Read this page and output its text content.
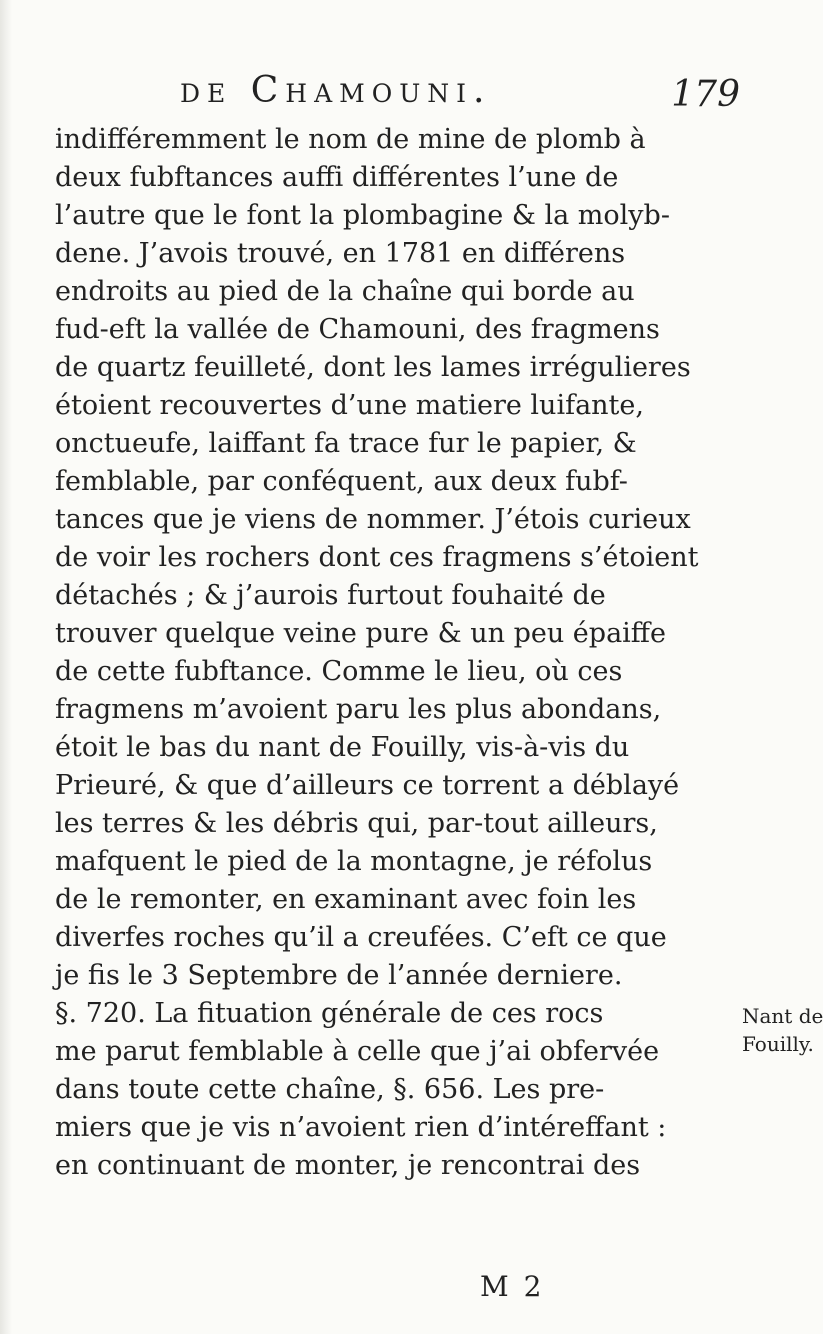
de Chamouni.	179
indifféremment le nom de mine de plomb à
deux fubftances auffi différentes l’une de
l’autre que le font la plombagine & la molyb-
dene. J’avois trouvé, en 1781 en différens
endroits au pied de la chaîne qui borde au
fud-eft la vallée de Chamouni, des fragmens
de quartz feuilleté, dont les lames irrégulieres
étoient recouvertes d’une matiere luifante,
onctueufe, laiffant fa trace fur le papier, &
femblable, par conféquent, aux deux fubf-
tances que je viens de nommer. J’étois curieux
de voir les rochers dont ces fragmens s’étoient
détachés ; & j’aurois furtout fouhaité de
trouver quelque veine pure & un peu épaiffe
de cette fubftance. Comme le lieu, où ces
fragmens m’avoient paru les plus abondans,
étoit le bas du nant de Fouilly, vis-à-vis du
Prieuré, & que d’ailleurs ce torrent a déblayé
les terres & les débris qui, par-tout ailleurs,
mafquent le pied de la montagne, je réfolus
de le remonter, en examinant avec foin les
diverfes roches qu’il a creufées. C’eft ce que
je fis le 3 Septembre de l’année derniere.
§. 720. La fituation générale de ces rocs
me parut femblable à celle que j’ai obfervée
dans toute cette chaîne, §. 656. Les pre-
miers que je vis n’avoient rien d’intéreffant :
en continuant de monter, je rencontrai des
Nant de
Fouilly.
M 2
